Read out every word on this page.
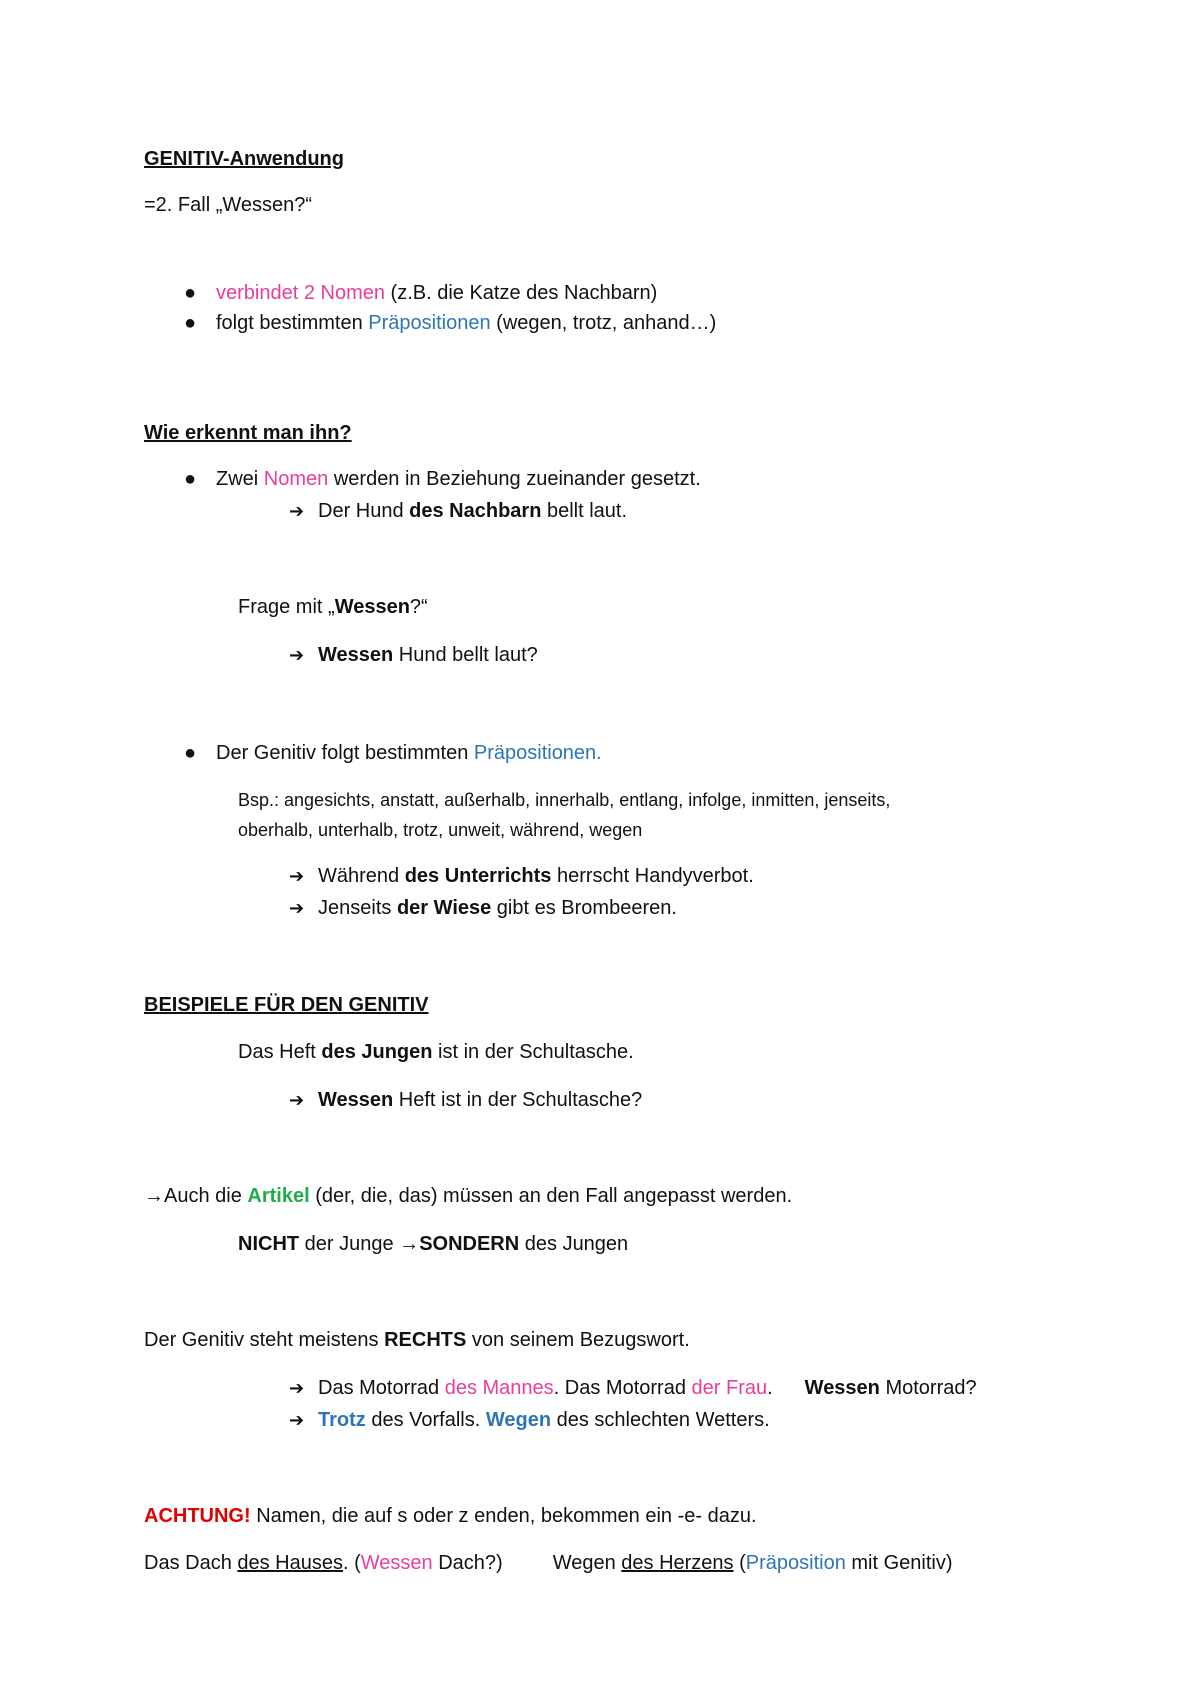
GENITIV-Anwendung
=2. Fall „Wessen?“
● verbindet 2 Nomen (z.B. die Katze des Nachbarn)
● folgt bestimmten Präpositionen (wegen, trotz, anhand…)
Wie erkennt man ihn?
● Zwei Nomen werden in Beziehung zueinander gesetzt.
➔ Der Hund des Nachbarn bellt laut.
Frage mit „Wessen?“
➔ Wessen Hund bellt laut?
● Der Genitiv folgt bestimmten Präpositionen.
Bsp.: angesichts, anstatt, außerhalb, innerhalb, entlang, infolge, inmitten, jenseits,
oberhalb, unterhalb, trotz, unweit, während, wegen
➔ Während des Unterrichts herrscht Handyverbot.
➔ Jenseits der Wiese gibt es Brombeeren.
BEISPIELE FÜR DEN GENITIV
Das Heft des Jungen ist in der Schultasche.
➔ Wessen Heft ist in der Schultasche?
→Auch die Artikel (der, die, das) müssen an den Fall angepasst werden.
NICHT der Junge →SONDERN des Jungen
Der Genitiv steht meistens RECHTS von seinem Bezugswort.
➔ Das Motorrad des Mannes. Das Motorrad der Frau. Wessen Motorrad?
➔ Trotz des Vorfalls. Wegen des schlechten Wetters.
ACHTUNG! Namen, die auf s oder z enden, bekommen ein -e- dazu.
Das Dach des Hauses. (Wessen Dach?)	Wegen des Herzens (Präposition mit Genitiv)
